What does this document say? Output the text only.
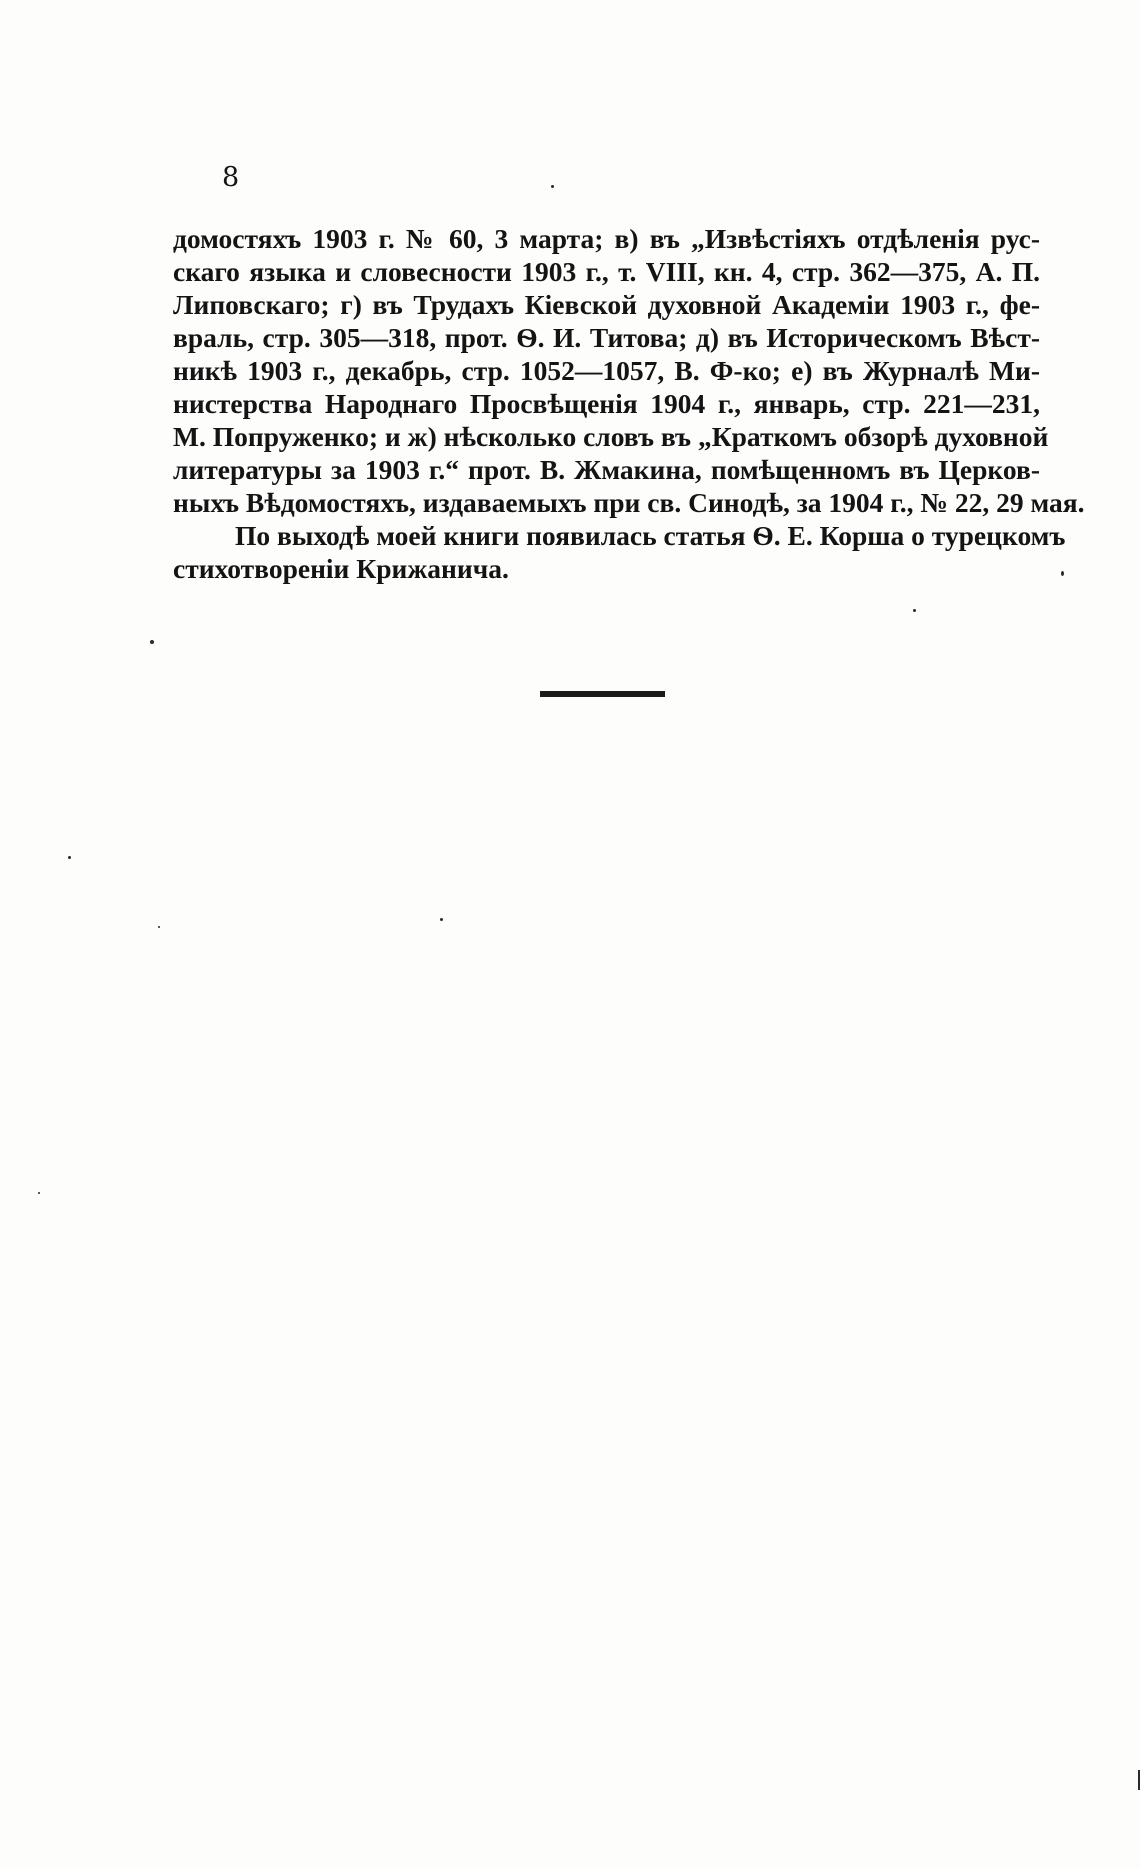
8
домостяхъ 1903 г. № 60, 3 марта; в) въ „Извѣстіяхъ отдѣленія рус-
скаго языка и словесности 1903 г., т. VIII, кн. 4, стр. 362—375, А. П.
Липовскаго; г) въ Трудахъ Кіевской духовной Академіи 1903 г., фе-
враль, стр. 305—318, прот. Ѳ. И. Титова; д) въ Историческомъ Вѣст-
никѣ 1903 г., декабрь, стр. 1052—1057, В. Ф-ко; е) въ Журналѣ Ми-
нистерства Народнаго Просвѣщенія 1904 г., январь, стр. 221—231,
М. Попруженко; и ж) нѣсколько словъ въ „Краткомъ обзорѣ духовной
литературы за 1903 г.“ прот. В. Жмакина, помѣщенномъ въ Церков-
ныхъ Вѣдомостяхъ, издаваемыхъ при св. Синодѣ, за 1904 г., № 22, 29 мая.
По выходѣ моей книги появилась статья Ѳ. Е. Корша о турецкомъ
стихотвореніи Крижанича.
